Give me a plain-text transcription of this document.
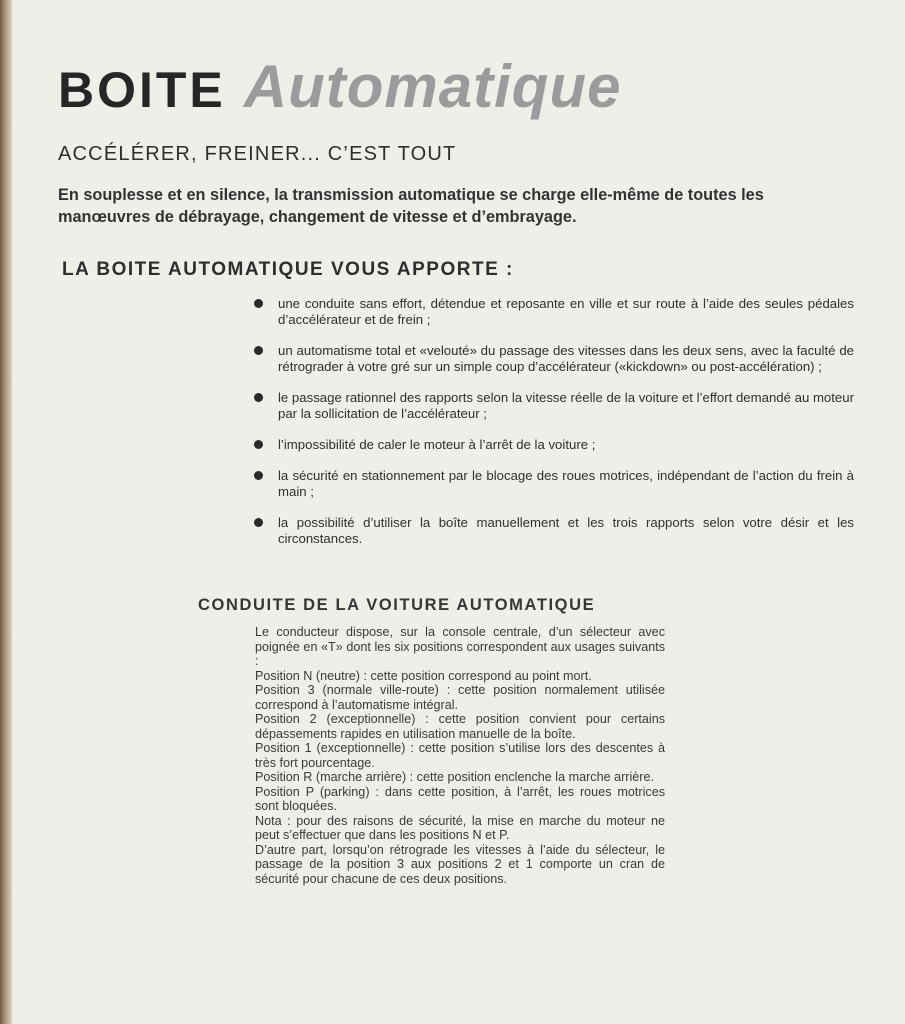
BOITE Automatique
ACCÉLÉRER, FREINER... C’EST TOUT
En souplesse et en silence, la transmission automatique se charge elle-même de toutes les manœuvres de débrayage, changement de vitesse et d’embrayage.
LA BOITE AUTOMATIQUE VOUS APPORTE :
une conduite sans effort, détendue et reposante en ville et sur route à l’aide des seules pédales d’accélérateur et de frein ;
un automatisme total et «velouté» du passage des vitesses dans les deux sens, avec la faculté de rétrograder à votre gré sur un simple coup d’accélérateur («kickdown» ou post-accélération) ;
le passage rationnel des rapports selon la vitesse réelle de la voiture et l’effort demandé au moteur par la sollicitation de l’accélérateur ;
l’impossibilité de caler le moteur à l’arrêt de la voiture ;
la sécurité en stationnement par le blocage des roues motrices, indépendant de l’action du frein à main ;
la possibilité d’utiliser la boîte manuellement et les trois rapports selon votre désir et les circonstances.
CONDUITE DE LA VOITURE AUTOMATIQUE

Le conducteur dispose, sur la console centrale, d’un sélecteur avec poignée en «T» dont les six positions correspondent aux usages suivants :

Position N (neutre) : cette position correspond au point mort.

Position 3 (normale ville-route) : cette position normalement utilisée correspond à l’automatisme intégral.

Position 2 (exceptionnelle) : cette position convient pour certains dépassements rapides en utilisation manuelle de la boîte.

Position 1 (exceptionnelle) : cette position s’utilise lors des descentes à très fort pourcentage.

Position R (marche arrière) : cette position enclenche la marche arrière.

Position P (parking) : dans cette position, à l’arrêt, les roues motrices sont bloquées.

Nota : pour des raisons de sécurité, la mise en marche du moteur ne peut s’effectuer que dans les positions N et P.

D’autre part, lorsqu’on rétrograde les vitesses à l’aide du sélecteur, le passage de la position 3 aux positions 2 et 1 comporte un cran de sécurité pour chacune de ces deux positions.
